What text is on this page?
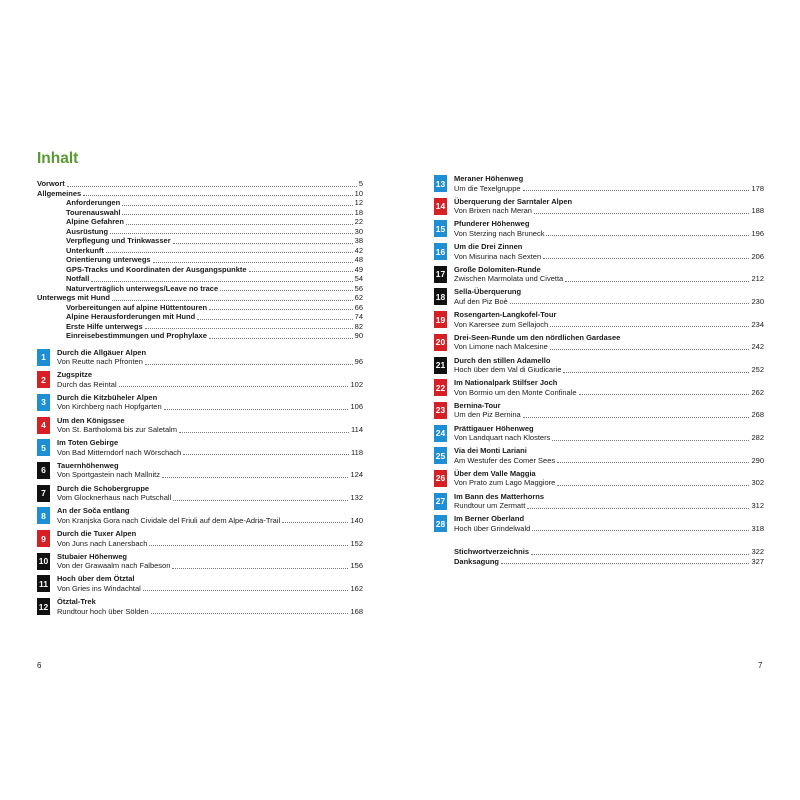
Inhalt
Vorwort	5
Allgemeines	10
Anforderungen	12
Tourenauswahl	18
Alpine Gefahren	22
Ausrüstung	30
Verpflegung und Trinkwasser	38
Unterkunft	42
Orientierung unterwegs	48
GPS-Tracks und Koordinaten der Ausgangspunkte	49
Notfall	54
Naturverträglich unterwegs/Leave no trace	56
Unterwegs mit Hund	62
Vorbereitungen auf alpine Hüttentouren	66
Alpine Herausforderungen mit Hund	74
Erste Hilfe unterwegs	82
Einreisebestimmungen und Prophylaxe	90
1	Durch die Allgäuer Alpen
Von Reutte nach Pfronten	96
2	Zugspitze
Durch das Reintal	102
3	Durch die Kitzbüheler Alpen
Von Kirchberg nach Hopfgarten	106
4	Um den Königssee
Von St. Bartholomä bis zur Saletalm	114
5	Im Toten Gebirge
Von Bad Mitterndorf nach Wörschach	118
6	Tauernhöhenweg
Von Sportgastein nach Mallnitz	124
7	Durch die Schobergruppe
Vom Glocknerhaus nach Putschall	132
8	An der Soča entlang
Von Kranjska Gora nach Cividale del Friuli auf dem Alpe-Adria-Trail	140
9	Durch die Tuxer Alpen
Von Juns nach Lanersbach	152
10 Stubaier Höhenweg
Von der Grawaalm nach Falbeson	156
11 Hoch über dem Ötztal
Von Gries ins Windachtal	162
12 Ötztal-Trek
Rundtour hoch über Sölden	168
13 Meraner Höhenweg
Um die Texelgruppe	178
14 Überquerung der Sarntaler Alpen
Von Brixen nach Meran	188
15 Pfunderer Höhenweg
Von Sterzing nach Bruneck	196
16 Um die Drei Zinnen
Von Misurina nach Sexten	206
17 Große Dolomiten-Runde
Zwischen Marmolata und Civetta	212
18 Sella-Überquerung
Auf den Piz Boè	230
19 Rosengarten-Langkofel-Tour
Von Karersee zum Sellajoch	234
20 Drei-Seen-Runde um den nördlichen Gardasee
Von Limone nach Malcesine	242
21 Durch den stillen Adamello
Hoch über dem Val di Giudicarie	252
22 Im Nationalpark Stilfser Joch
Von Bormio um den Monte Confinale	262
23 Bernina-Tour
Um den Piz Bernina	268
24 Prättigauer Höhenweg
Von Landquart nach Klosters	282
25 Via dei Monti Lariani
Am Westufer des Comer Sees	290
26 Über dem Valle Maggia
Von Prato zum Lago Maggiore	302
27 Im Bann des Matterhorns
Rundtour um Zermatt	312
28 Im Berner Oberland
Hoch über Grindelwald	318
Stichwortverzeichnis	322
Danksagung	327
6	7
